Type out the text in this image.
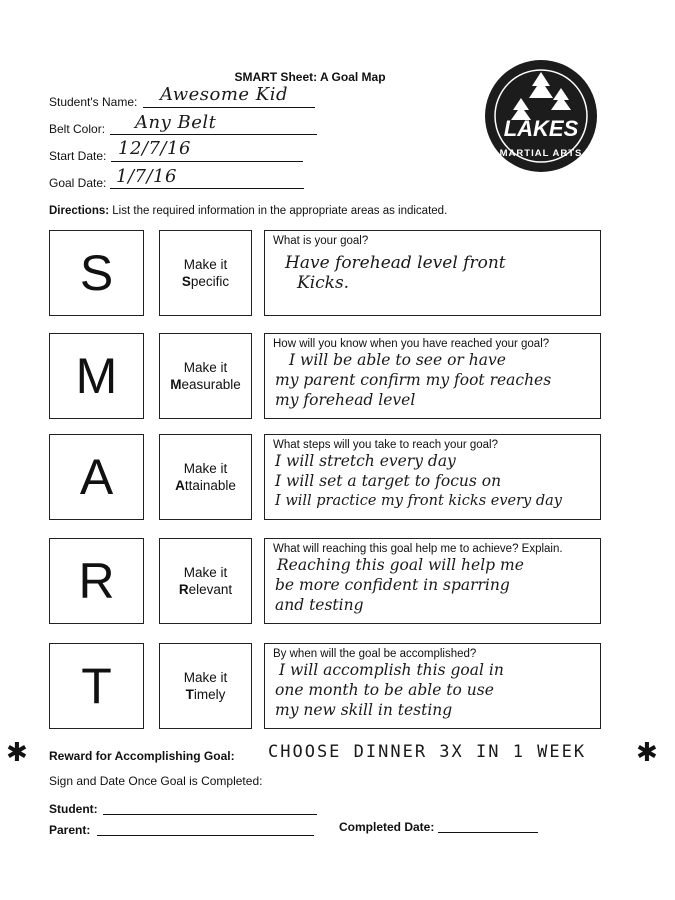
SMART Sheet: A Goal Map
Student's Name: Awesome Kid
Belt Color: Any Belt
Start Date: 12/7/16
Goal Date: 1/7/16
LAKES
MARTIAL ARTS
Directions: List the required information in the appropriate areas as indicated.
S	Make it
Specific
What is your goal?
Have forehead level front
Kicks.
M	Make it
Measurable
How will you know when you have reached your goal?
I will be able to see or have
my parent confirm my foot reaches
my forehead level
A	Make it
Attainable
What steps will you take to reach your goal?
I will stretch every day
I will set a target to focus on
I will practice my front kicks every day
R	Make it
Relevant
What will reaching this goal help me to achieve? Explain.
Reaching this goal will help me
be more confident in sparring
and testing
T	Make it
Timely
By when will the goal be accomplished?
I will accomplish this goal in
one month to be able to use
my new skill in testing
✱ Reward for Accomplishing Goal: CHOOSE DINNER 3X IN 1 WEEK ✱
Sign and Date Once Goal is Completed:
Student:
Parent:	Completed Date:
